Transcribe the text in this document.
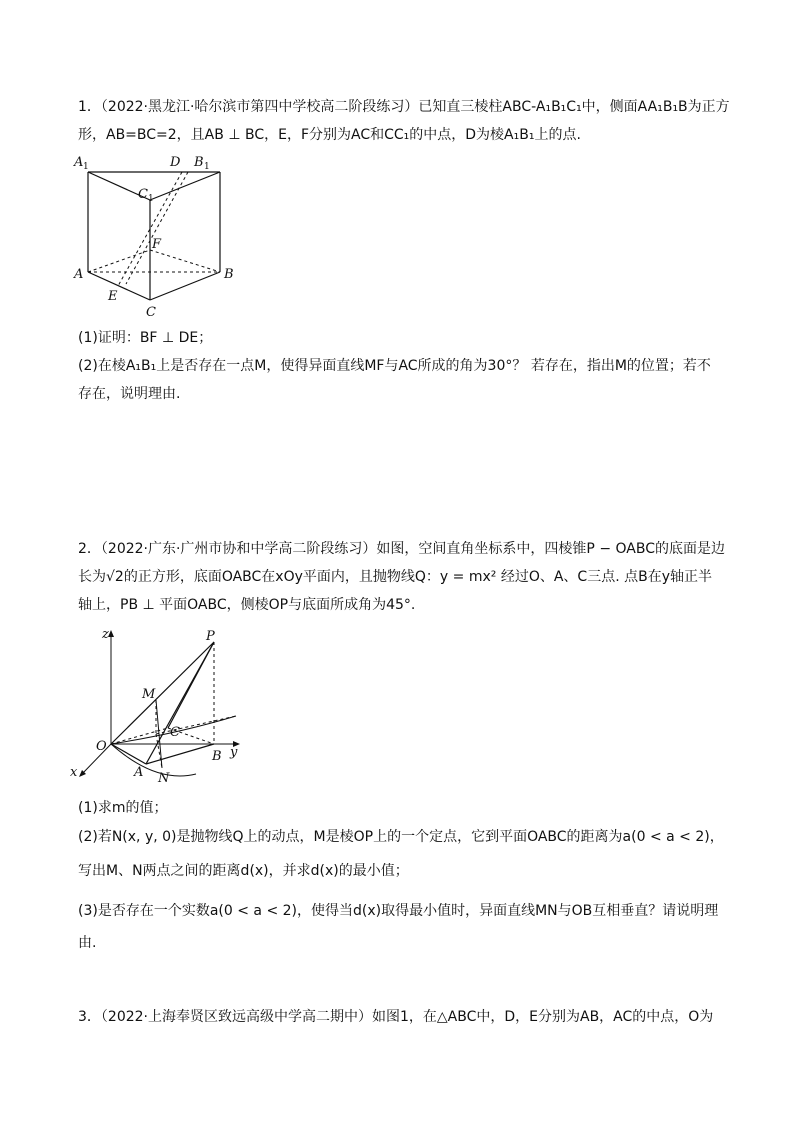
1．（2022·黑龙江·哈尔滨市第四中学校高二阶段练习）已知直三棱柱ABC-A₁B₁C₁中，侧面AA₁B₁B为正方
形，AB=BC=2，且AB ⊥ BC，E，F分别为AC和CC₁的中点，D为棱A₁B₁上的点.
A 1	D B 1
C 1
F
A	B
E
C
(1)证明：BF ⊥ DE；
(2)在棱A₁B₁上是否存在一点M，使得异面直线MF与AC所成的角为30°？ 若存在，指出M的位置；若不
存在，说明理由.
2．（2022·广东·广州市协和中学高二阶段练习）如图，空间直角坐标系中，四棱锥P − OABC的底面是边
长为√2的正方形，底面OABC在xOy平面内，且抛物线Q：y = mx² 经过O、A、C三点. 点B在y轴正半
轴上，PB ⊥ 平面OABC，侧棱OP与底面所成角为45°.
z	P
M
C
O
B y
x	A N
(1)求m的值；
(2)若N(x, y, 0)是抛物线Q上的动点，M是棱OP上的一个定点，它到平面OABC的距离为a(0 < a < 2)，
写出M、N两点之间的距离d(x)，并求d(x)的最小值；
(3)是否存在一个实数a(0 < a < 2)，使得当d(x)取得最小值时，异面直线MN与OB互相垂直？请说明理
由.
3．（2022·上海奉贤区致远高级中学高二期中）如图1，在△ABC中，D，E分别为AB，AC的中点，O为
